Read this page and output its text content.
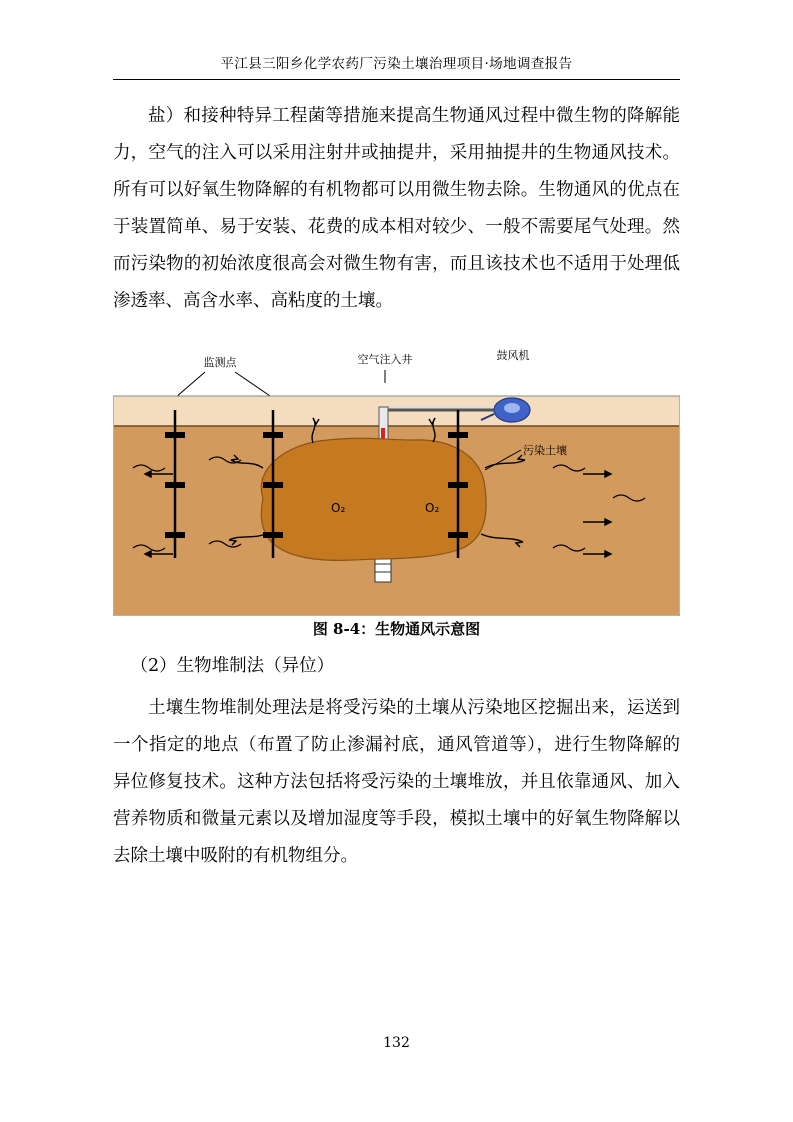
平江县三阳乡化学农药厂污染土壤治理项目·场地调查报告
盐）和接种特异工程菌等措施来提高生物通风过程中微生物的降解能力，空气的注入可以采用注射井或抽提井，采用抽提井的生物通风技术。所有可以好氧生物降解的有机物都可以用微生物去除。生物通风的优点在于装置简单、易于安装、花费的成本相对较少、一般不需要尾气处理。然而污染物的初始浓度很高会对微生物有害，而且该技术也不适用于处理低渗透率、高含水率、高粘度的土壤。
监测点	空气注入井	鼓风机
污染土壤
O₂	O₂
图 8-4：生物通风示意图
（2）生物堆制法（异位）
土壤生物堆制处理法是将受污染的土壤从污染地区挖掘出来，运送到一个指定的地点（布置了防止渗漏衬底，通风管道等），进行生物降解的异位修复技术。这种方法包括将受污染的土壤堆放，并且依靠通风、加入营养物质和微量元素以及增加湿度等手段，模拟土壤中的好氧生物降解以去除土壤中吸附的有机物组分。
132
